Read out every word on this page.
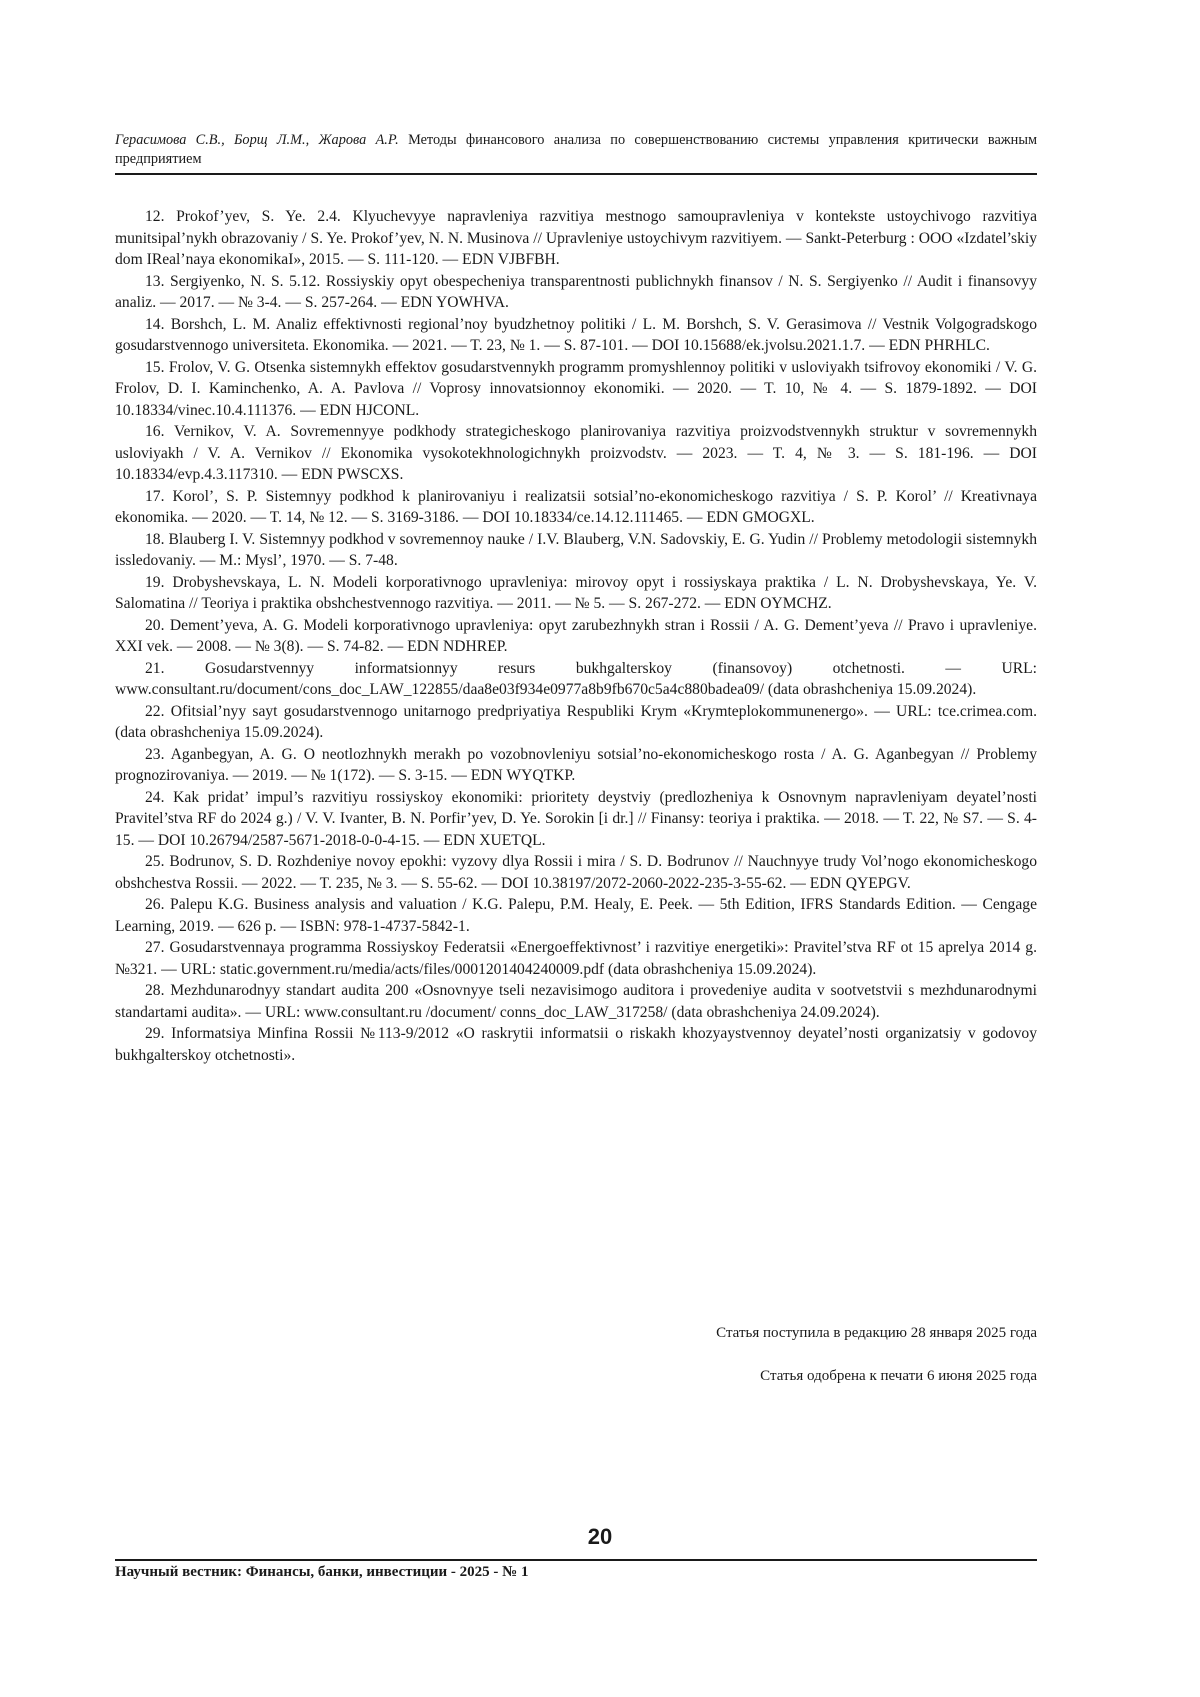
Герасимова С.В., Борщ Л.М., Жарова А.Р. Методы финансового анализа по совершенствованию системы управления критически важным предприятием

12. Prokof’yev, S. Ye. 2.4. Klyuchevyye napravleniya razvitiya mestnogo samoupravleniya v kontekste ustoychivogo razvitiya munitsipal’nykh obrazovaniy / S. Ye. Prokof’yev, N. N. Musinova // Upravleniye ustoychivym razvitiyem. — Sankt-Peterburg : OOO «Izdatel’skiy dom IReal’naya ekonomikaI», 2015. — S. 111-120. — EDN VJBFBH.

13. Sergiyenko, N. S. 5.12. Rossiyskiy opyt obespecheniya transparentnosti publichnykh finansov / N. S. Sergiyenko // Audit i finansovyy analiz. — 2017. — № 3-4. — S. 257-264. — EDN YOWHVA.

14. Borshch, L. M. Analiz effektivnosti regional’noy byudzhetnoy politiki / L. M. Borshch, S. V. Gerasimova // Vestnik Volgogradskogo gosudarstvennogo universiteta. Ekonomika. — 2021. — T. 23, № 1. — S. 87-101. — DOI 10.15688/ek.jvolsu.2021.1.7. — EDN PHRHLC.

15. Frolov, V. G. Otsenka sistemnykh effektov gosudarstvennykh programm promyshlennoy politiki v usloviyakh tsifrovoy ekonomiki / V. G. Frolov, D. I. Kaminchenko, A. A. Pavlova // Voprosy innovatsionnoy ekonomiki. — 2020. — T. 10, № 4. — S. 1879-1892. — DOI 10.18334/vinec.10.4.111376. — EDN HJCONL.

16. Vernikov, V. A. Sovremennyye podkhody strategicheskogo planirovaniya razvitiya proizvodstvennykh struktur v sovremennykh usloviyakh / V. A. Vernikov // Ekonomika vysokotekhnologichnykh proizvodstv. — 2023. — T. 4, № 3. — S. 181-196. — DOI 10.18334/evp.4.3.117310. — EDN PWSCXS.

17. Korol’, S. P. Sistemnyy podkhod k planirovaniyu i realizatsii sotsial’no-ekonomicheskogo razvitiya / S. P. Korol’ // Kreativnaya ekonomika. — 2020. — T. 14, № 12. — S. 3169-3186. — DOI 10.18334/ce.14.12.111465. — EDN GMOGXL.

18. Blauberg I. V. Sistemnyy podkhod v sovremennoy nauke / I.V. Blauberg, V.N. Sadovskiy, E. G. Yudin // Problemy metodologii sistemnykh issledovaniy. — M.: Mysl’, 1970. — S. 7-48.

19. Drobyshevskaya, L. N. Modeli korporativnogo upravleniya: mirovoy opyt i rossiyskaya praktika / L. N. Drobyshevskaya, Ye. V. Salomatina // Teoriya i praktika obshchestvennogo razvitiya. — 2011. — № 5. — S. 267-272. — EDN OYMCHZ.

20. Dement’yeva, A. G. Modeli korporativnogo upravleniya: opyt zarubezhnykh stran i Rossii / A. G. Dement’yeva // Pravo i upravleniye. XXI vek. — 2008. — № 3(8). — S. 74-82. — EDN NDHREP.

21. Gosudarstvennyy informatsionnyy resurs bukhgalterskoy (finansovoy) otchetnosti. — URL: www.consultant.ru/document/cons_doc_LAW_122855/daa8e03f934e0977a8b9fb670c5a4c880badea09/ (data obrashcheniya 15.09.2024).

22. Ofitsial’nyy sayt gosudarstvennogo unitarnogo predpriyatiya Respubliki Krym «Krymteplokommunenergo». — URL: tce.crimea.com. (data obrashcheniya 15.09.2024).

23. Aganbegyan, A. G. O neotlozhnykh merakh po vozobnovleniyu sotsial’no-ekonomicheskogo rosta / A. G. Aganbegyan // Problemy prognozirovaniya. — 2019. — № 1(172). — S. 3-15. — EDN WYQTKP.

24. Kak pridat’ impul’s razvitiyu rossiyskoy ekonomiki: prioritety deystviy (predlozheniya k Osnovnym napravleniyam deyatel’nosti Pravitel’stva RF do 2024 g.) / V. V. Ivanter, B. N. Porfir’yev, D. Ye. Sorokin [i dr.] // Finansy: teoriya i praktika. — 2018. — T. 22, № S7. — S. 4-15. — DOI 10.26794/2587-5671-2018-0-0-4-15. — EDN XUETQL.

25. Bodrunov, S. D. Rozhdeniye novoy epokhi: vyzovy dlya Rossii i mira / S. D. Bodrunov // Nauchnyye trudy Vol’nogo ekonomicheskogo obshchestva Rossii. — 2022. — T. 235, № 3. — S. 55-62. — DOI 10.38197/2072-2060-2022-235-3-55-62. — EDN QYEPGV.

26. Palepu K.G. Business analysis and valuation / K.G. Palepu, P.M. Healy, E. Peek. — 5th Edition, IFRS Standards Edition. — Cengage Learning, 2019. — 626 p. — ISBN: 978-1-4737-5842-1.

27. Gosudarstvennaya programma Rossiyskoy Federatsii «Energoeffektivnost’ i razvitiye energetiki»: Pravitel’stva RF ot 15 aprelya 2014 g. №321. — URL: static.government.ru/media/acts/files/0001201404240009.pdf (data obrashcheniya 15.09.2024).

28. Mezhdunarodnyy standart audita 200 «Osnovnyye tseli nezavisimogo auditora i provedeniye audita v sootvetstvii s mezhdunarodnymi standartami audita». — URL: www.consultant.ru /document/ conns_doc_LAW_317258/ (data obrashcheniya 24.09.2024).

29. Informatsiya Minfina Rossii №113-9/2012 «O raskrytii informatsii o riskakh khozyaystvennoy deyatel’nosti organizatsiy v godovoy bukhgalterskoy otchetnosti».

Статья поступила в редакцию 28 января 2025 года
Статья одобрена к печати 6 июня 2025 года
20
Научный вестник: Финансы, банки, инвестиции - 2025 - № 1
